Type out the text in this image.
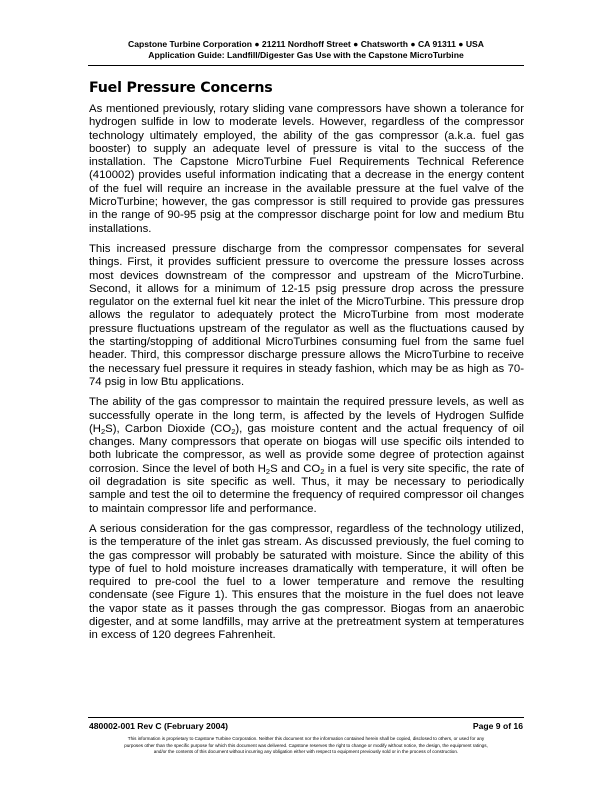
Capstone Turbine Corporation ● 21211 Nordhoff Street ● Chatsworth ● CA 91311 ● USA
Application Guide: Landfill/Digester Gas Use with the Capstone MicroTurbine
Fuel Pressure Concerns

As mentioned previously, rotary sliding vane compressors have shown a tolerance for hydrogen sulfide in low to moderate levels. However, regardless of the compressor technology ultimately employed, the ability of the gas compressor (a.k.a. fuel gas booster) to supply an adequate level of pressure is vital to the success of the installation. The Capstone MicroTurbine Fuel Requirements Technical Reference (410002) provides useful information indicating that a decrease in the energy content of the fuel will require an increase in the available pressure at the fuel valve of the MicroTurbine; however, the gas compressor is still required to provide gas pressures in the range of 90-95 psig at the compressor discharge point for low and medium Btu installations.

This increased pressure discharge from the compressor compensates for several things. First, it provides sufficient pressure to overcome the pressure losses across most devices downstream of the compressor and upstream of the MicroTurbine. Second, it allows for a minimum of 12-15 psig pressure drop across the pressure regulator on the external fuel kit near the inlet of the MicroTurbine. This pressure drop allows the regulator to adequately protect the MicroTurbine from most moderate pressure fluctuations upstream of the regulator as well as the fluctuations caused by the starting/stopping of additional MicroTurbines consuming fuel from the same fuel header. Third, this compressor discharge pressure allows the MicroTurbine to receive the necessary fuel pressure it requires in steady fashion, which may be as high as 70-74 psig in low Btu applications.

The ability of the gas compressor to maintain the required pressure levels, as well as successfully operate in the long term, is affected by the levels of Hydrogen Sulfide $(H_2S)$, Carbon Dioxide $(CO_2)$, gas moisture content and the actual frequency of oil changes. Many compressors that operate on biogas will use specific oils intended to both lubricate the compressor, as well as provide some degree of protection against corrosion. Since the level of both $H_2S$ and $CO_2$ in a fuel is very site specific, the rate of oil degradation is site specific as well. Thus, it may be necessary to periodically sample and test the oil to determine the frequency of required compressor oil changes to maintain compressor life and performance.

A serious consideration for the gas compressor, regardless of the technology utilized, is the temperature of the inlet gas stream. As discussed previously, the fuel coming to the gas compressor will probably be saturated with moisture. Since the ability of this type of fuel to hold moisture increases dramatically with temperature, it will often be required to pre-cool the fuel to a lower temperature and remove the resulting condensate (see Figure 1). This ensures that the moisture in the fuel does not leave the vapor state as it passes through the gas compressor. Biogas from an anaerobic digester, and at some landfills, may arrive at the pretreatment system at temperatures in excess of 120 degrees Fahrenheit.

480002-001 Rev C (February 2004)	Page 9 of 16
This information is proprietary to Capstone Turbine Corporation. Neither this document nor the information contained herein shall be copied, disclosed to others, or used for any
purposes other than the specific purpose for which this document was delivered. Capstone reserves the right to change or modify without notice, the design, the equipment ratings,
and/or the contents of this document without incurring any obligation either with respect to equipment previously sold or in the process of construction.
